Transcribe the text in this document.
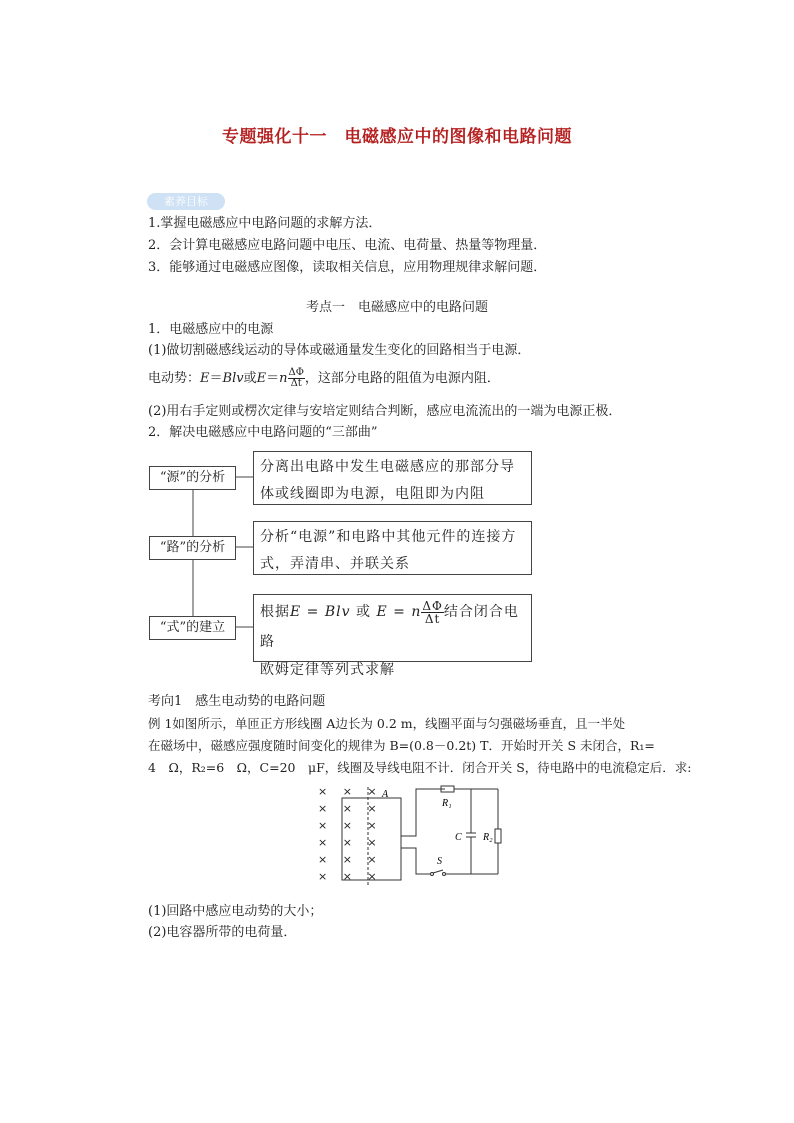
专题强化十一　电磁感应中的图像和电路问题
素养目标
1.掌握电磁感应中电路问题的求解方法．
2．会计算电磁感应电路问题中电压、电流、电荷量、热量等物理量．
3．能够通过电磁感应图像，读取相关信息，应用物理规律求解问题．
考点一　电磁感应中的电路问题
1．电磁感应中的电源
(1)做切割磁感线运动的导体或磁通量发生变化的回路相当于电源．
电动势：E＝Blv或$E=n \frac{\Delta\Phi}{\Delta t}$ ，这部分电路的阻值为电源内阻．
(2)用右手定则或楞次定律与安培定则结合判断，感应电流流出的一端为电源正极．
2．解决电磁感应中电路问题的“三部曲”
“源”的分析
分离出电路中发生电磁感应的那部分导
体或线圈即为电源，电阻即为内阻
“路”的分析
分析“电源”和电路中其他元件的连接方
式，弄清串、并联关系
“式”的建立
根据E = Blv 或 E = n $\frac{\Delta\Phi}{\Delta t}$ 结合闭合电路
欧姆定律等列式求解
考向1　感生电动势的电路问题
例 1如图所示，单匝正方形线圈 A边长为 0.2 m，线圈平面与匀强磁场垂直，且一半处
在磁场中，磁感应强度随时间变化的规律为 B=(0.8－0.2t) T．开始时开关 S 未闭合，R₁=
4　Ω，R₂=6　Ω，C=20　μF，线圈及导线电阻不计．闭合开关 S，待电路中的电流稳定后．求:
A
R₁
C R₂
S
× × ×
× × ×
× × ×
× × ×
× × ×
× × ×
(1)回路中感应电动势的大小；
(2)电容器所带的电荷量．
